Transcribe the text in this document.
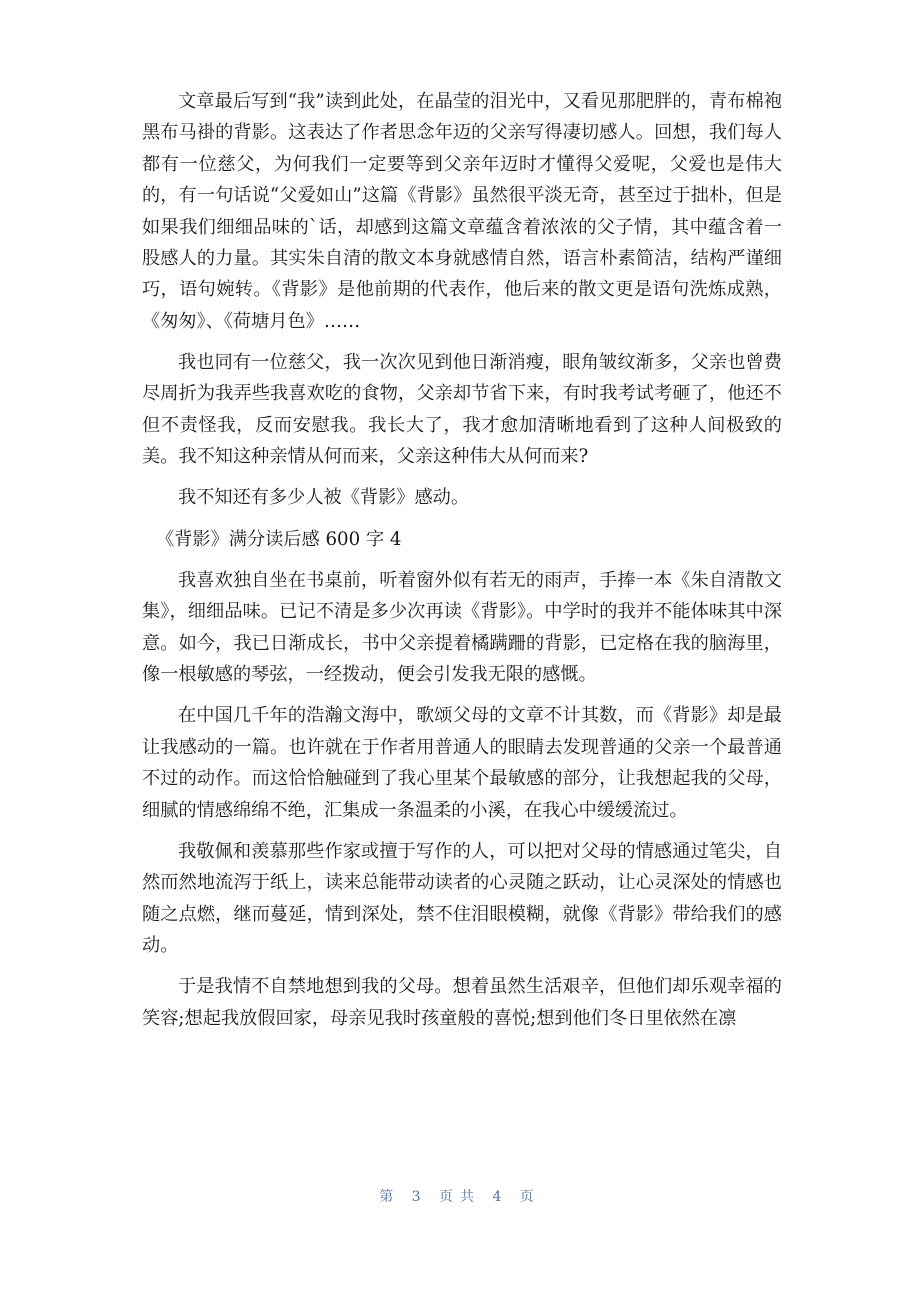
文章最后写到“我”读到此处，在晶莹的泪光中，又看见那肥胖的，青布棉袍黑布马褂的背影。这表达了作者思念年迈的父亲写得凄切感人。回想，我们每人都有一位慈父，为何我们一定要等到父亲年迈时才懂得父爱呢，父爱也是伟大的，有一句话说“父爱如山”这篇《背影》虽然很平淡无奇，甚至过于拙朴，但是如果我们细细品味的`话，却感到这篇文章蕴含着浓浓的父子情，其中蕴含着一股感人的力量。其实朱自清的散文本身就感情自然，语言朴素简洁，结构严谨细巧，语句婉转。《背影》是他前期的代表作，他后来的散文更是语句洗炼成熟，《匆匆》、《荷塘月色》……

我也同有一位慈父，我一次次见到他日渐消瘦，眼角皱纹渐多，父亲也曾费尽周折为我弄些我喜欢吃的食物，父亲却节省下来，有时我考试考砸了，他还不但不责怪我，反而安慰我。我长大了，我才愈加清晰地看到了这种人间极致的美。我不知这种亲情从何而来，父亲这种伟大从何而来?

我不知还有多少人被《背影》感动。

《背影》满分读后感 600 字 4

我喜欢独自坐在书桌前，听着窗外似有若无的雨声，手捧一本《朱自清散文集》，细细品味。已记不清是多少次再读《背影》。中学时的我并不能体味其中深意。如今，我已日渐成长，书中父亲提着橘蹒跚的背影，已定格在我的脑海里，像一根敏感的琴弦，一经拨动，便会引发我无限的感慨。

在中国几千年的浩瀚文海中，歌颂父母的文章不计其数，而《背影》却是最让我感动的一篇。也许就在于作者用普通人的眼睛去发现普通的父亲一个最普通不过的动作。而这恰恰触碰到了我心里某个最敏感的部分，让我想起我的父母，细腻的情感绵绵不绝，汇集成一条温柔的小溪，在我心中缓缓流过。

我敬佩和羡慕那些作家或擅于写作的人，可以把对父母的情感通过笔尖，自然而然地流泻于纸上，读来总能带动读者的心灵随之跃动，让心灵深处的情感也随之点燃，继而蔓延，情到深处，禁不住泪眼模糊，就像《背影》带给我们的感动。

于是我情不自禁地想到我的父母。想着虽然生活艰辛，但他们却乐观幸福的笑容;想起我放假回家，母亲见我时孩童般的喜悦;想到他们冬日里依然在凛

第 3 页共 4 页
